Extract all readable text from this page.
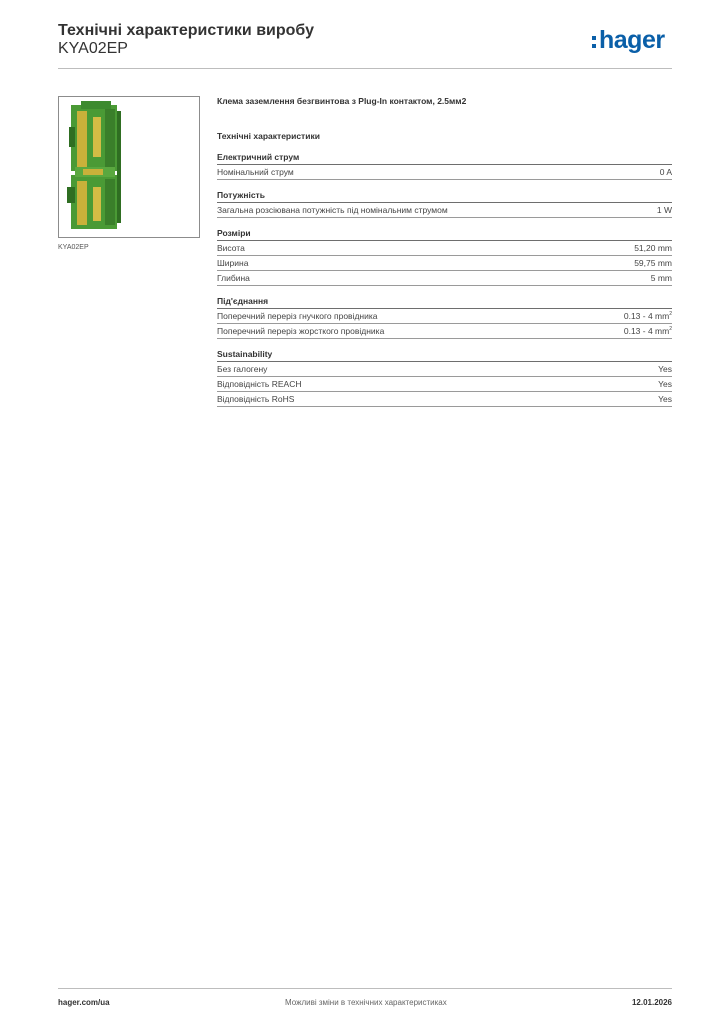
Технічні характеристики виробу
KYA02EP	hager
KYA02EP
Клема заземлення безгвинтова з Plug-In контактом, 2.5мм2
Технічні характеристики
Електричний струм
Номінальний струм	0 A
Потужність
Загальна розсіювана потужність під номінальним струмом	1 W
Розміри
Висота	51,20 mm
Ширина	59,75 mm
Глибина	5 mm
Під'єднання
Поперечний переріз гнучкого провідника	0.13 - 4 $mm^2$
Поперечний переріз жорсткого провідника	0.13 - 4 $mm^2$
Sustainability
Без галогену	Yes
Відповідність REACH	Yes
Відповідність RoHS	Yes
hager.com/ua	Можливі зміни в технічних характеристиках	12.01.2026
